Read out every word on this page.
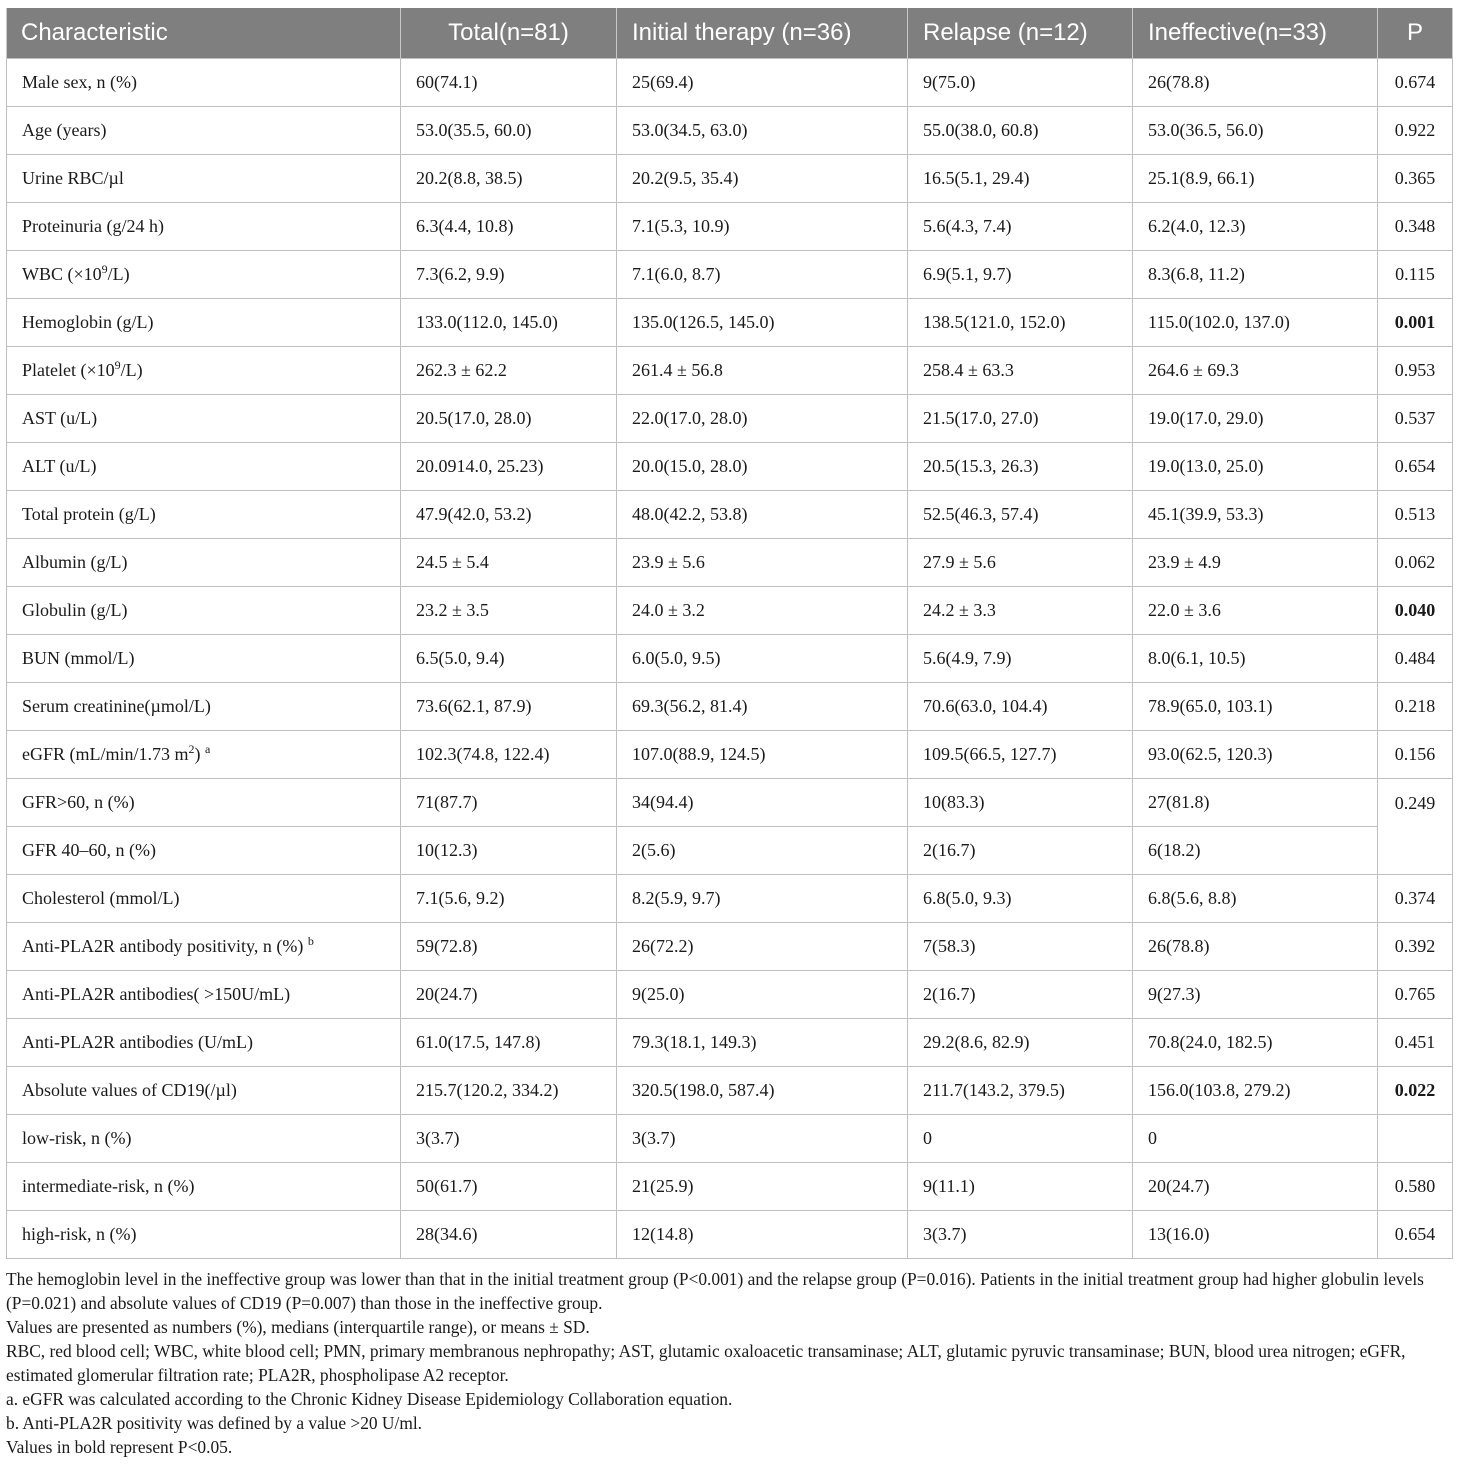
Characteristic	Total(n=81)	Initial therapy (n=36)	Relapse (n=12)	Ineffective(n=33)	P
Male sex, n (%)	60(74.1)	25(69.4)	9(75.0)	26(78.8)	0.674
Age (years)	53.0(35.5, 60.0)	53.0(34.5, 63.0)	55.0(38.0, 60.8)	53.0(36.5, 56.0)	0.922
Urine RBC/µl	20.2(8.8, 38.5)	20.2(9.5, 35.4)	16.5(5.1, 29.4)	25.1(8.9, 66.1)	0.365
Proteinuria (g/24 h)	6.3(4.4, 10.8)	7.1(5.3, 10.9)	5.6(4.3, 7.4)	6.2(4.0, 12.3)	0.348
WBC $(\times 10^9/L)$	7.3(6.2, 9.9)	7.1(6.0, 8.7)	6.9(5.1, 9.7)	8.3(6.8, 11.2)	0.115
Hemoglobin (g/L)	133.0(112.0, 145.0)	135.0(126.5, 145.0)	138.5(121.0, 152.0)	115.0(102.0, 137.0)	0.001
Platelet $(\times 10^9/L)$	262.3 ± 62.2	261.4 ± 56.8	258.4 ± 63.3	264.6 ± 69.3	0.953
AST (u/L)	20.5(17.0, 28.0)	22.0(17.0, 28.0)	21.5(17.0, 27.0)	19.0(17.0, 29.0)	0.537
ALT (u/L)	20.0914.0, 25.23)	20.0(15.0, 28.0)	20.5(15.3, 26.3)	19.0(13.0, 25.0)	0.654
Total protein (g/L)	47.9(42.0, 53.2)	48.0(42.2, 53.8)	52.5(46.3, 57.4)	45.1(39.9, 53.3)	0.513
Albumin (g/L)	24.5 ± 5.4	23.9 ± 5.6	27.9 ± 5.6	23.9 ± 4.9	0.062
Globulin (g/L)	23.2 ± 3.5	24.0 ± 3.2	24.2 ± 3.3	22.0 ± 3.6	0.040
BUN (mmol/L)	6.5(5.0, 9.4)	6.0(5.0, 9.5)	5.6(4.9, 7.9)	8.0(6.1, 10.5)	0.484
Serum creatinine(µmol/L)	73.6(62.1, 87.9)	69.3(56.2, 81.4)	70.6(63.0, 104.4)	78.9(65.0, 103.1)	0.218
eGFR (mL/min/1.73 $m^2$) $^a$	102.3(74.8, 122.4)	107.0(88.9, 124.5)	109.5(66.5, 127.7)	93.0(62.5, 120.3)	0.156
GFR>60, n (%)	71(87.7)	34(94.4)	10(83.3)	27(81.8)	0.249
GFR 40–60, n (%)	10(12.3)	2(5.6)	2(16.7)	6(18.2)	
Cholesterol (mmol/L)	7.1(5.6, 9.2)	8.2(5.9, 9.7)	6.8(5.0, 9.3)	6.8(5.6, 8.8)	0.374
Anti-PLA2R antibody positivity, n (%) $^b$	59(72.8)	26(72.2)	7(58.3)	26(78.8)	0.392
Anti-PLA2R antibodies( >150U/mL)	20(24.7)	9(25.0)	2(16.7)	9(27.3)	0.765
Anti-PLA2R antibodies (U/mL)	61.0(17.5, 147.8)	79.3(18.1, 149.3)	29.2(8.6, 82.9)	70.8(24.0, 182.5)	0.451
Absolute values of CD19(/µl)	215.7(120.2, 334.2)	320.5(198.0, 587.4)	211.7(143.2, 379.5)	156.0(103.8, 279.2)	0.022
low-risk, n (%)	3(3.7)	3(3.7)	0	0	
intermediate-risk, n (%)	50(61.7)	21(25.9)	9(11.1)	20(24.7)	0.580
high-risk, n (%)	28(34.6)	12(14.8)	3(3.7)	13(16.0)	0.654

The hemoglobin level in the ineffective group was lower than that in the initial treatment group (P<0.001) and the relapse group (P=0.016). Patients in the initial treatment group had higher globulin levels (P=0.021) and absolute values of CD19 (P=0.007) than those in the ineffective group.

Values are presented as numbers (%), medians (interquartile range), or means ± SD.

RBC, red blood cell; WBC, white blood cell; PMN, primary membranous nephropathy; AST, glutamic oxaloacetic transaminase; ALT, glutamic pyruvic transaminase; BUN, blood urea nitrogen; eGFR, estimated glomerular filtration rate; PLA2R, phospholipase A2 receptor.

a. eGFR was calculated according to the Chronic Kidney Disease Epidemiology Collaboration equation.

b. Anti-PLA2R positivity was defined by a value >20 U/ml.

Values in bold represent P<0.05.
